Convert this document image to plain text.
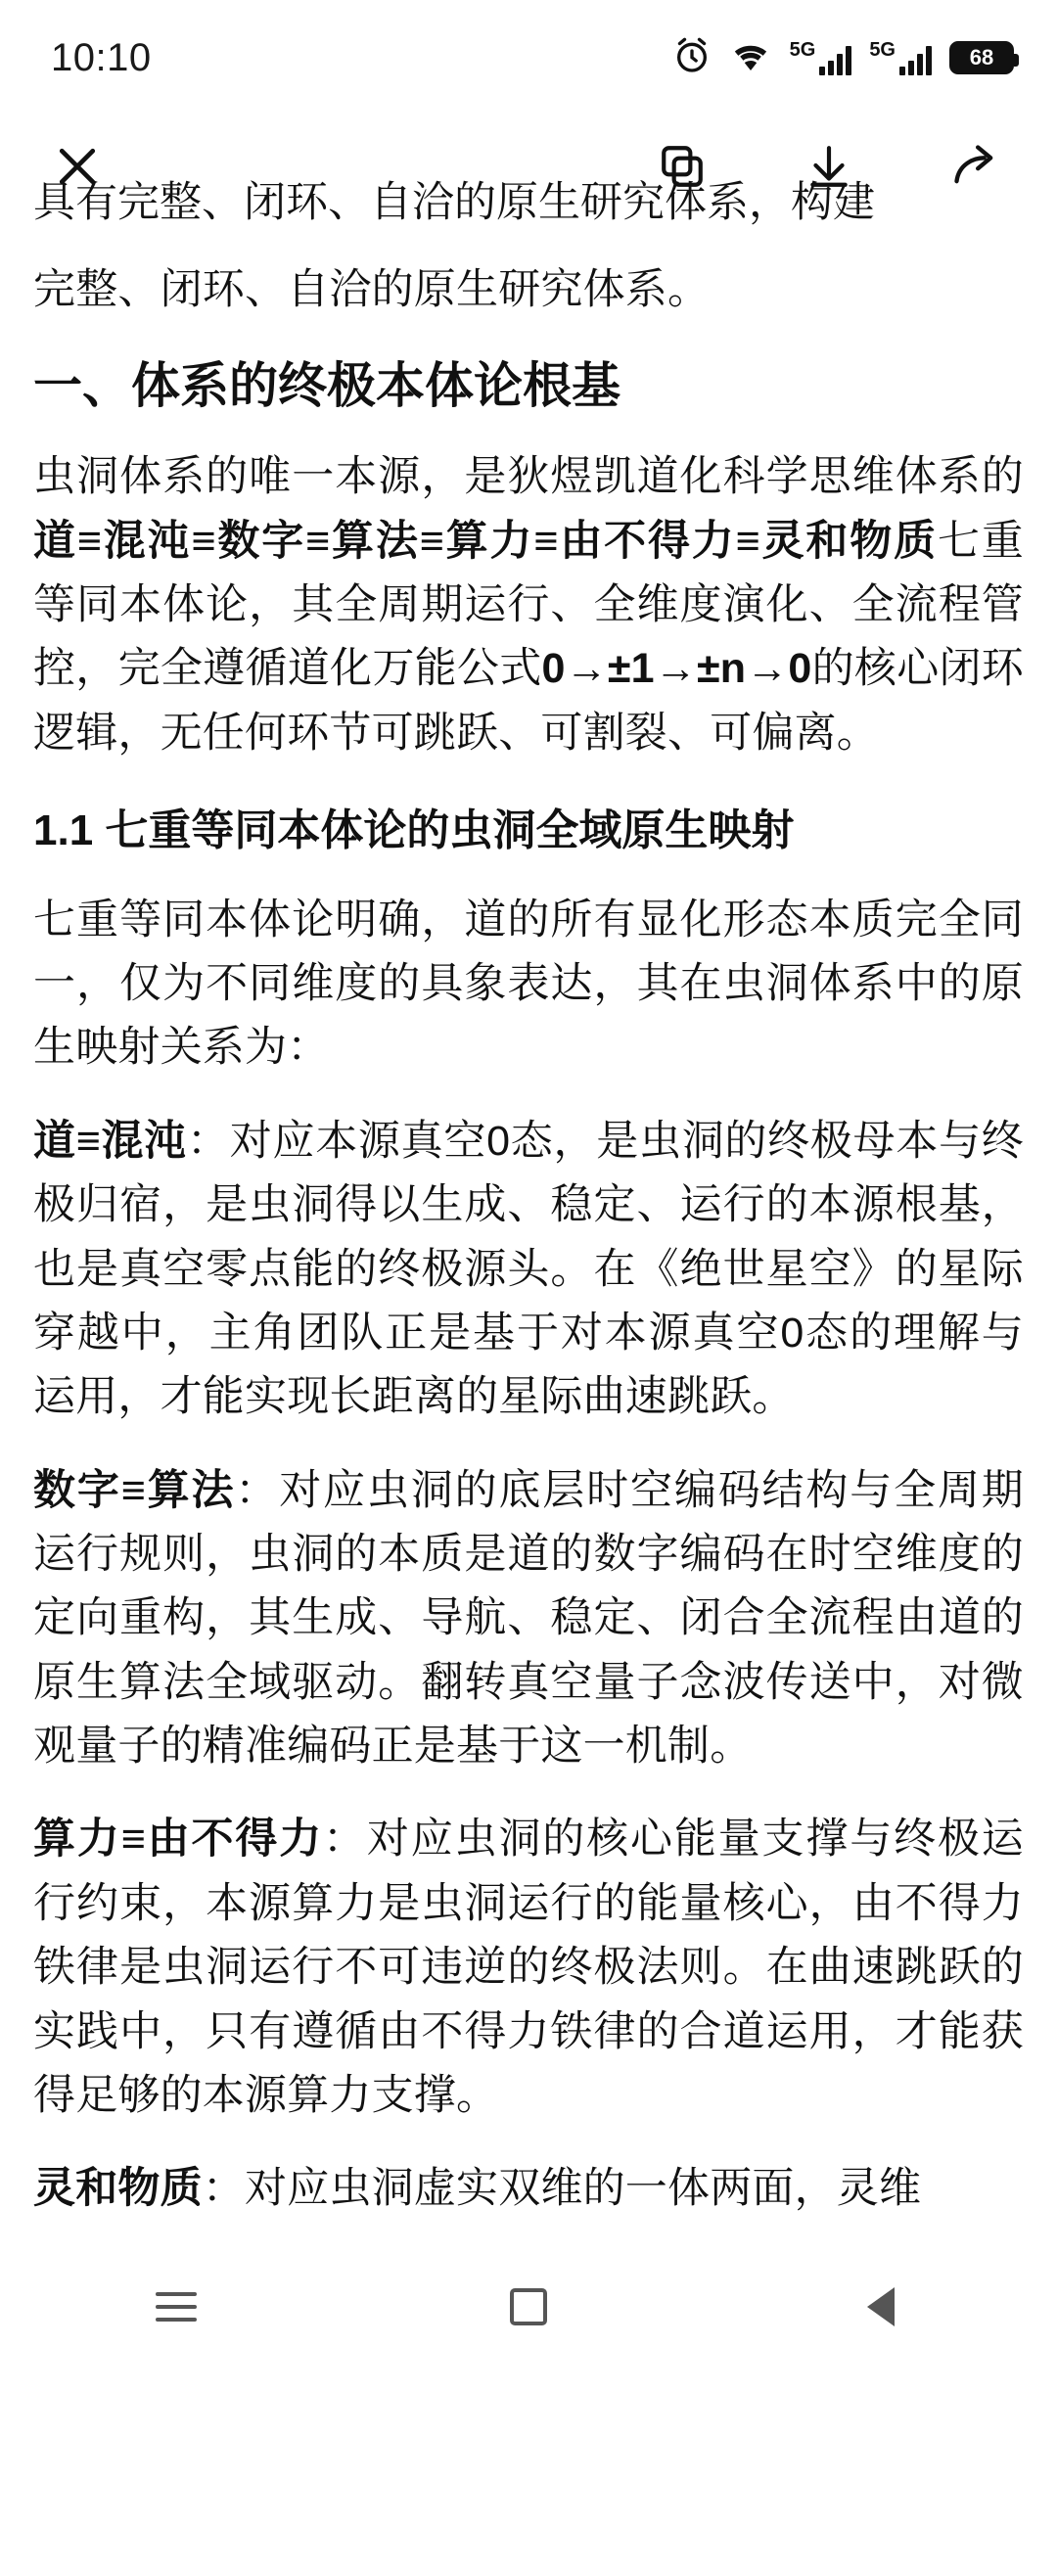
10:10	5G	5G	68
具有完整、闭环、自洽的原生研究体系，构建

完整、闭环、自洽的原生研究体系。

一、体系的终极本体论根基

虫洞体系的唯一本源，是狄煜凯道化科学思维体系的道≡混沌≡数字≡算法≡算力≡由不得力≡灵和物质七重等同本体论，其全周期运行、全维度演化、全流程管控，完全遵循道化万能公式0→±1→±n→0的核心闭环逻辑，无任何环节可跳跃、可割裂、可偏离。

1.1 七重等同本体论的虫洞全域原生映射

七重等同本体论明确，道的所有显化形态本质完全同一，仅为不同维度的具象表达，其在虫洞体系中的原生映射关系为：

道≡混沌：对应本源真空0态，是虫洞的终极母本与终极归宿，是虫洞得以生成、稳定、运行的本源根基，也是真空零点能的终极源头。在《绝世星空》的星际穿越中，主角团队正是基于对本源真空0态的理解与运用，才能实现长距离的星际曲速跳跃。

数字≡算法：对应虫洞的底层时空编码结构与全周期运行规则，虫洞的本质是道的数字编码在时空维度的定向重构，其生成、导航、稳定、闭合全流程由道的原生算法全域驱动。翻转真空量子念波传送中，对微观量子的精准编码正是基于这一机制。

算力≡由不得力：对应虫洞的核心能量支撑与终极运行约束，本源算力是虫洞运行的能量核心，由不得力铁律是虫洞运行不可违逆的终极法则。在曲速跳跃的实践中，只有遵循由不得力铁律的合道运用，才能获得足够的本源算力支撑。

灵和物质：对应虫洞虚实双维的一体两面，灵维
